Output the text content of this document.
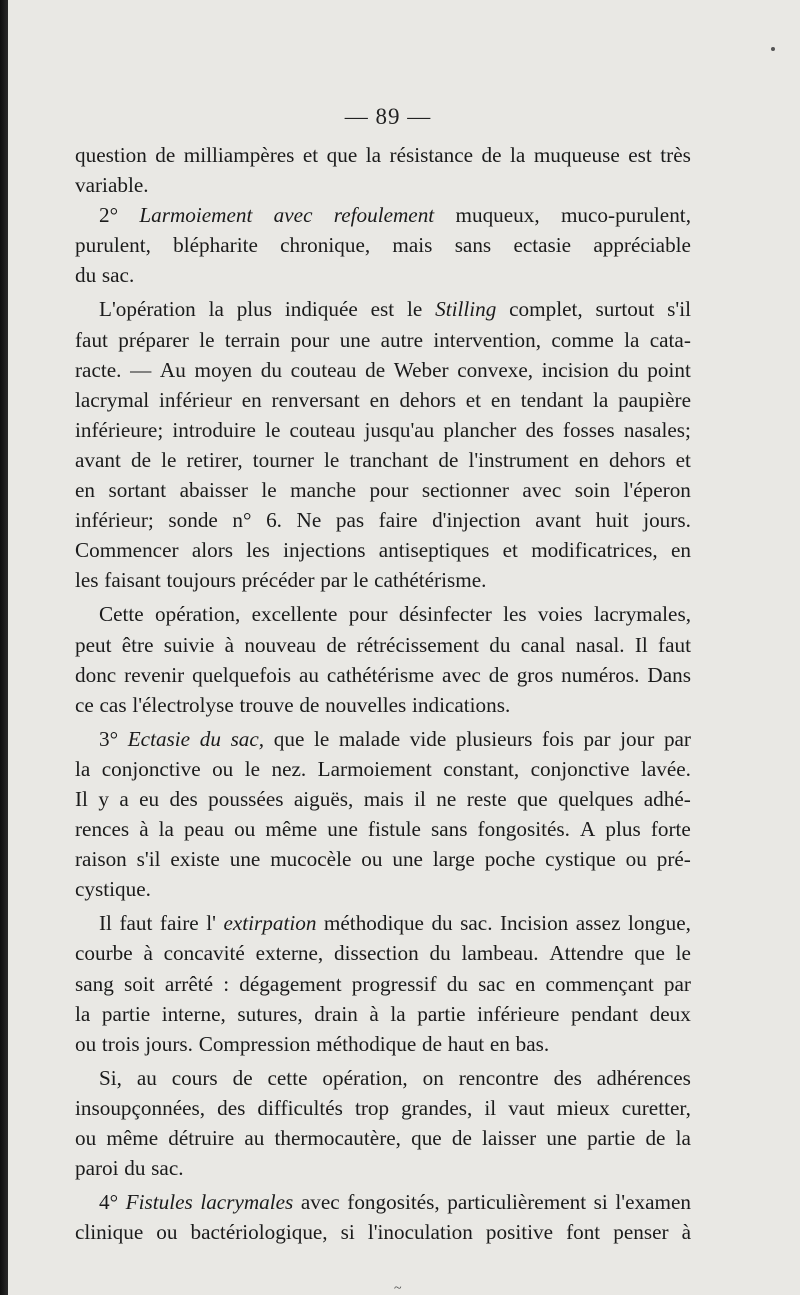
— 89 —
question de milliampères et que la résistance de la muqueuse est très
variable.
2° Larmoiement avec refoulement muqueux, muco-purulent,
purulent, blépharite chronique, mais sans ectasie appréciable
du sac.
L'opération la plus indiquée est le Stilling complet, surtout s'il
faut préparer le terrain pour une autre intervention, comme la cata-
racte. — Au moyen du couteau de Weber convexe, incision du point
lacrymal inférieur en renversant en dehors et en tendant la paupière
inférieure; introduire le couteau jusqu'au plancher des fosses nasales;
avant de le retirer, tourner le tranchant de l'instrument en dehors et
en sortant abaisser le manche pour sectionner avec soin l'éperon
inférieur; sonde n° 6. Ne pas faire d'injection avant huit jours.
Commencer alors les injections antiseptiques et modificatrices, en
les faisant toujours précéder par le cathétérisme.
Cette opération, excellente pour désinfecter les voies lacrymales,
peut être suivie à nouveau de rétrécissement du canal nasal. Il faut
donc revenir quelquefois au cathétérisme avec de gros numéros. Dans
ce cas l'électrolyse trouve de nouvelles indications.
3° Ectasie du sac, que le malade vide plusieurs fois par jour par
la conjonctive ou le nez. Larmoiement constant, conjonctive lavée.
Il y a eu des poussées aiguës, mais il ne reste que quelques adhé-
rences à la peau ou même une fistule sans fongosités. A plus forte
raison s'il existe une mucocèle ou une large poche cystique ou pré-
cystique.
Il faut faire l' extirpation méthodique du sac. Incision assez longue,
courbe à concavité externe, dissection du lambeau. Attendre que le
sang soit arrêté : dégagement progressif du sac en commençant par
la partie interne, sutures, drain à la partie inférieure pendant deux
ou trois jours. Compression méthodique de haut en bas.
Si, au cours de cette opération, on rencontre des adhérences
insoupçonnées, des difficultés trop grandes, il vaut mieux curetter,
ou même détruire au thermocautère, que de laisser une partie de la
paroi du sac.
4° Fistules lacrymales avec fongosités, particulièrement si l'examen
clinique ou bactériologique, si l'inoculation positive font penser à
~
